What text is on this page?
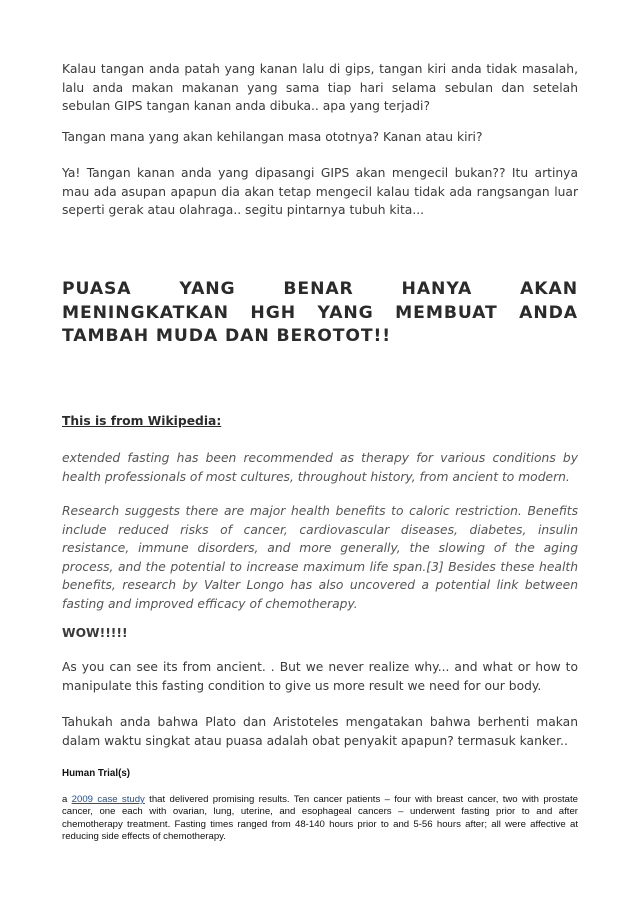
Kalau tangan anda patah yang kanan lalu di gips, tangan kiri anda tidak masalah, lalu anda makan makanan yang sama tiap hari selama sebulan dan setelah sebulan GIPS tangan kanan anda dibuka.. apa yang terjadi?

Tangan mana yang akan kehilangan masa ototnya? Kanan atau kiri?

Ya! Tangan kanan anda yang dipasangi GIPS akan mengecil bukan?? Itu artinya mau ada asupan apapun dia akan tetap mengecil kalau tidak ada rangsangan luar seperti gerak atau olahraga.. segitu pintarnya tubuh kita...

PUASA YANG BENAR HANYA AKAN MENINGKATKAN HGH YANG MEMBUAT ANDA TAMBAH MUDA DAN BEROTOT!!

This is from Wikipedia:

extended fasting has been recommended as therapy for various conditions by health professionals of most cultures, throughout history, from ancient to modern.

Research suggests there are major health benefits to caloric restriction. Benefits include reduced risks of cancer, cardiovascular diseases, diabetes, insulin resistance, immune disorders, and more generally, the slowing of the aging process, and the potential to increase maximum life span.[3] Besides these health benefits, research by Valter Longo has also uncovered a potential link between fasting and improved efficacy of chemotherapy.

WOW!!!!!

As you can see its from ancient. . But we never realize why... and what or how to manipulate this fasting condition to give us more result we need for our body.

Tahukah anda bahwa Plato dan Aristoteles mengatakan bahwa berhenti makan dalam waktu singkat atau puasa adalah obat penyakit apapun? termasuk kanker..

Human Trial(s)

a 2009 case study that delivered promising results. Ten cancer patients – four with breast cancer, two with prostate cancer, one each with ovarian, lung, uterine, and esophageal cancers – underwent fasting prior to and after chemotherapy treatment. Fasting times ranged from 48-140 hours prior to and 5-56 hours after; all were affective at reducing side effects of chemotherapy.
